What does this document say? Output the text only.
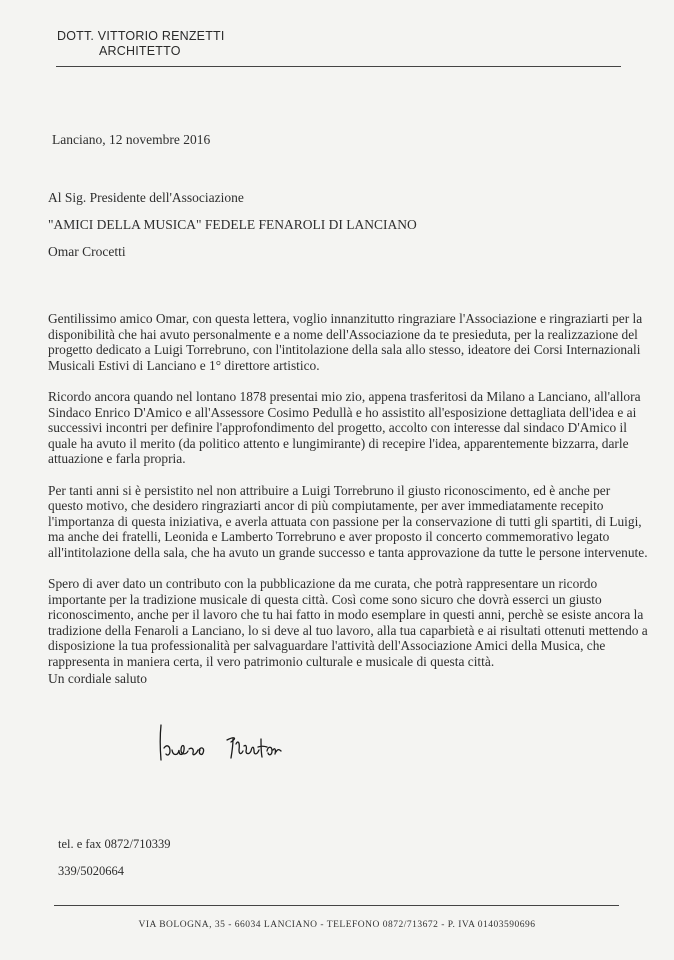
DOTT. VITTORIO RENZETTI
ARCHITETTO
Lanciano, 12 novembre 2016
Al Sig. Presidente dell'Associazione
"AMICI DELLA MUSICA" FEDELE FENAROLI DI LANCIANO
Omar Crocetti

Gentilissimo amico Omar, con questa lettera, voglio innanzitutto ringraziare l'Associazione e ringraziarti per la disponibilità che hai avuto personalmente e a nome dell'Associazione da te presieduta, per la realizzazione del progetto dedicato a Luigi Torrebruno, con l'intitolazione della sala allo stesso, ideatore dei Corsi Internazionali Musicali Estivi di Lanciano e 1° direttore artistico.

Ricordo ancora quando nel lontano 1878 presentai mio zio, appena trasferitosi da Milano a Lanciano, all'allora Sindaco Enrico D'Amico e all'Assessore Cosimo Pedullà e ho assistito all'esposizione dettagliata dell'idea e ai successivi incontri per definire l'approfondimento del progetto, accolto con interesse dal sindaco D'Amico il quale ha avuto il merito (da politico attento e lungimirante) di recepire l'idea, apparentemente bizzarra, darle attuazione e farla propria.

Per tanti anni si è persistito nel non attribuire a Luigi Torrebruno il giusto riconoscimento, ed è anche per questo motivo, che desidero ringraziarti ancor di più compiutamente, per aver immediatamente recepito l'importanza di questa iniziativa, e averla attuata con passione per la conservazione di tutti gli spartiti, di Luigi, ma anche dei fratelli, Leonida e Lamberto Torrebruno e aver proposto il concerto commemorativo legato all'intitolazione della sala, che ha avuto un grande successo e tanta approvazione da tutte le persone intervenute.

Spero di aver dato un contributo con la pubblicazione da me curata, che potrà rappresentare un ricordo importante per la tradizione musicale di questa città. Così come sono sicuro che dovrà esserci un giusto riconoscimento, anche per il lavoro che tu hai fatto in modo esemplare in questi anni, perchè se esiste ancora la tradizione della Fenaroli a Lanciano, lo si deve al tuo lavoro, alla tua caparbietà e ai risultati ottenuti mettendo a disposizione la tua professionalità per salvaguardare l'attività dell'Associazione Amici della Musica, che rappresenta in maniera certa, il vero patrimonio culturale e musicale di questa città.

Un cordiale saluto
tel. e fax 0872/710339
339/5020664
VIA BOLOGNA, 35 - 66034 LANCIANO - TELEFONO 0872/713672 - P. IVA 01403590696
